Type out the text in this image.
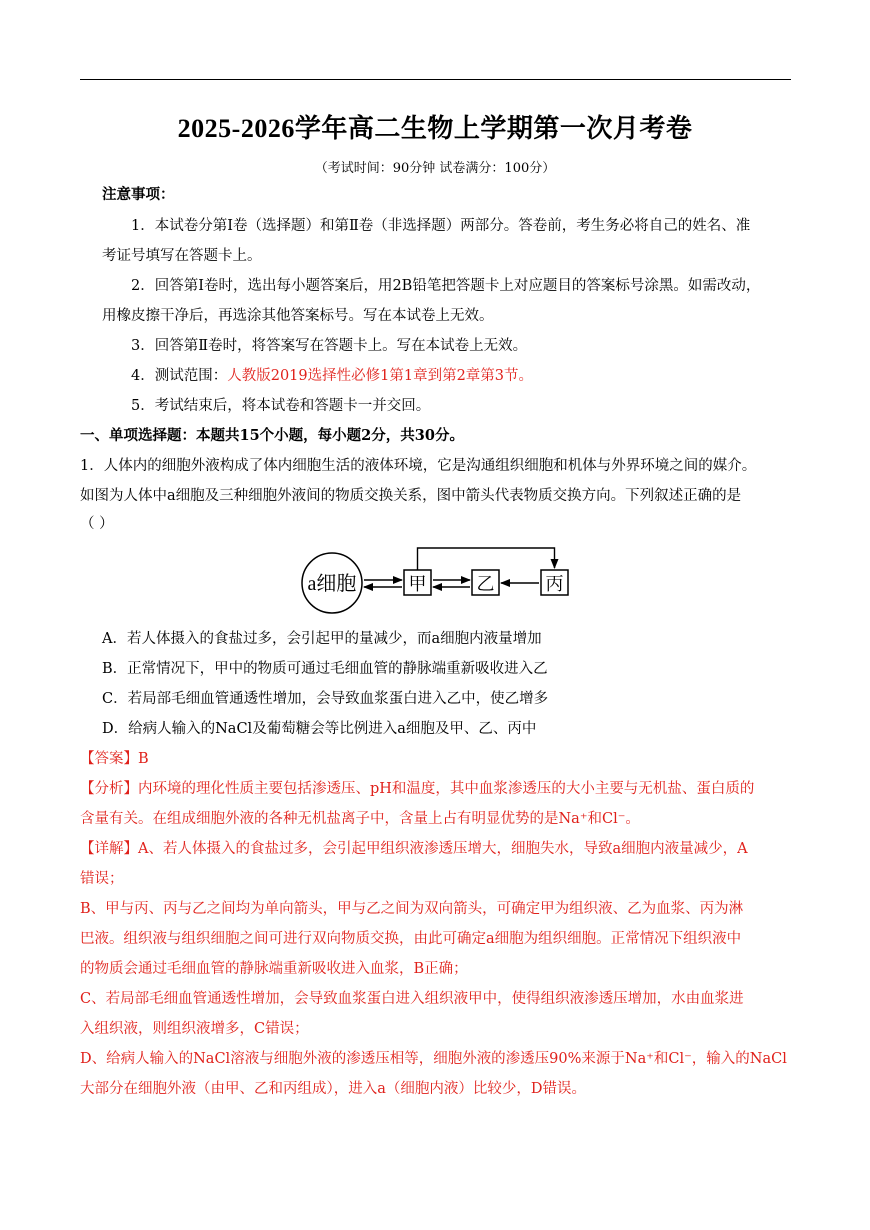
2025-2026学年高二生物上学期第一次月考卷
（考试时间：90分钟 试卷满分：100分）
注意事项：
1．本试卷分第Ⅰ卷（选择题）和第Ⅱ卷（非选择题）两部分。答卷前，考生务必将自己的姓名、准
考证号填写在答题卡上。
2．回答第Ⅰ卷时，选出每小题答案后，用2B铅笔把答题卡上对应题目的答案标号涂黑。如需改动，
用橡皮擦干净后，再选涂其他答案标号。写在本试卷上无效。
3．回答第Ⅱ卷时，将答案写在答题卡上。写在本试卷上无效。
4．测试范围：人教版2019选择性必修1第1章到第2章第3节。
5．考试结束后，将本试卷和答题卡一并交回。
一、单项选择题：本题共15个小题，每小题2分，共30分。
1．人体内的细胞外液构成了体内细胞生活的液体环境，它是沟通组织细胞和机体与外界环境之间的媒介。
如图为人体中a细胞及三种细胞外液间的物质交换关系，图中箭头代表物质交换方向。下列叙述正确的是
（ ）
a细胞	甲	乙	丙
A．若人体摄入的食盐过多，会引起甲的量减少，而a细胞内液量增加
B．正常情况下，甲中的物质可通过毛细血管的静脉端重新吸收进入乙
C．若局部毛细血管通透性增加，会导致血浆蛋白进入乙中，使乙增多
D．给病人输入的NaCl及葡萄糖会等比例进入a细胞及甲、乙、丙中
【答案】B
【分析】内环境的理化性质主要包括渗透压、pH和温度，其中血浆渗透压的大小主要与无机盐、蛋白质的
含量有关。在组成细胞外液的各种无机盐离子中，含量上占有明显优势的是Na⁺和Cl⁻。
【详解】A、若人体摄入的食盐过多，会引起甲组织液渗透压增大，细胞失水，导致a细胞内液量减少，A
错误；
B、甲与丙、丙与乙之间均为单向箭头，甲与乙之间为双向箭头，可确定甲为组织液、乙为血浆、丙为淋
巴液。组织液与组织细胞之间可进行双向物质交换，由此可确定a细胞为组织细胞。正常情况下组织液中
的物质会通过毛细血管的静脉端重新吸收进入血浆，B正确；
C、若局部毛细血管通透性增加，会导致血浆蛋白进入组织液甲中，使得组织液渗透压增加，水由血浆进
入组织液，则组织液增多，C错误；
D、给病人输入的NaCl溶液与细胞外液的渗透压相等，细胞外液的渗透压90%来源于Na⁺和Cl⁻，输入的NaCl
大部分在细胞外液（由甲、乙和丙组成），进入a（细胞内液）比较少，D错误。
